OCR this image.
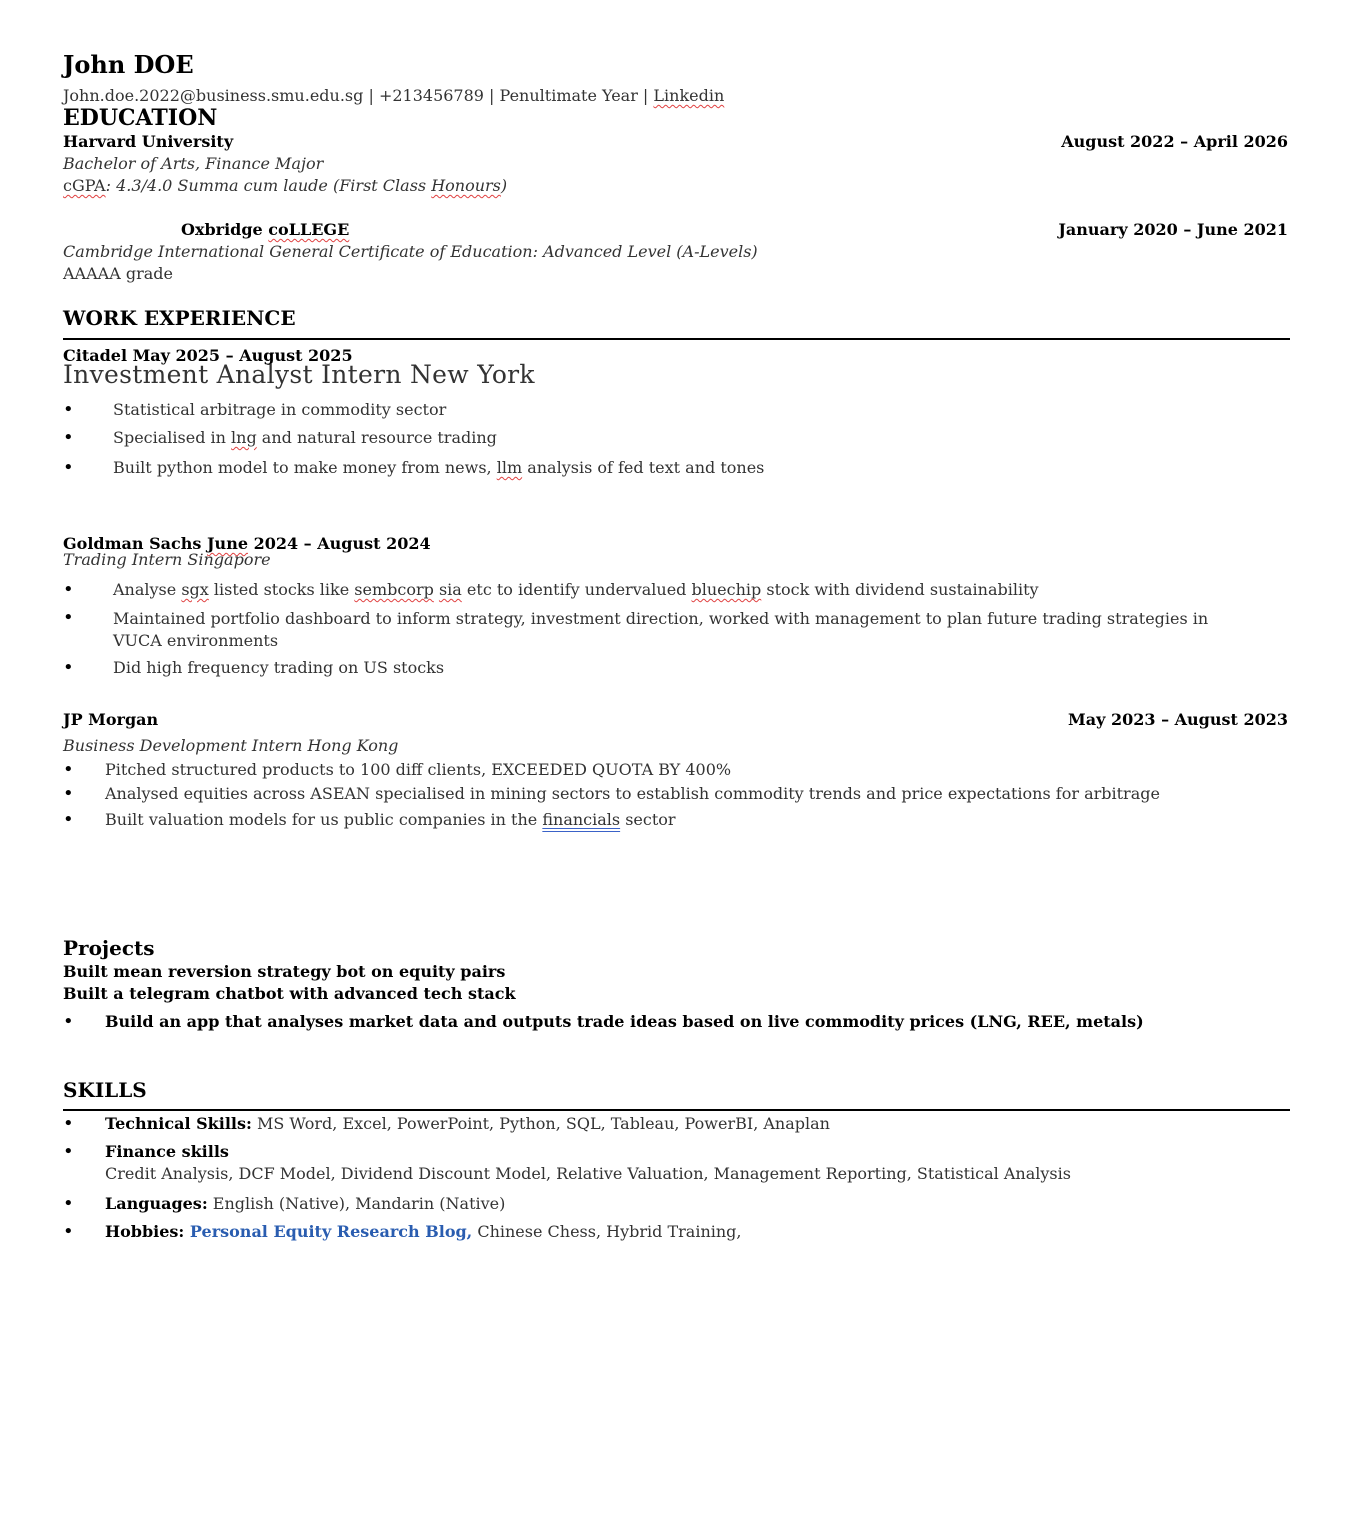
John DOE
John.doe.2022@business.smu.edu.sg | +213456789 | Penultimate Year | Linkedin
EDUCATION
Harvard University	August 2022 – April 2026
Bachelor of Arts, Finance Major
cGPA: 4.3/4.0 Summa cum laude (First Class Honours)
Oxbridge coLLEGE	January 2020 – June 2021
Cambridge International General Certificate of Education: Advanced Level (A-Levels)
AAAAA grade
WORK EXPERIENCE
Citadel May 2025 – August 2025
Investment Analyst Intern New York
• Statistical arbitrage in commodity sector
• Specialised in lng and natural resource trading
• Built python model to make money from news, llm analysis of fed text and tones
Goldman Sachs June 2024 – August 2024
Trading Intern Singapore
• Analyse sgx listed stocks like sembcorp sia etc to identify undervalued bluechip stock with dividend sustainability
• Maintained portfolio dashboard to inform strategy, investment direction, worked with management to plan future trading strategies in VUCA environments
• Did high frequency trading on US stocks
JP Morgan	May 2023 – August 2023
Business Development Intern Hong Kong
• Pitched structured products to 100 diff clients, EXCEEDED QUOTA BY 400%
• Analysed equities across ASEAN specialised in mining sectors to establish commodity trends and price expectations for arbitrage
• Built valuation models for us public companies in the financials sector
Projects
Built mean reversion strategy bot on equity pairs
Built a telegram chatbot with advanced tech stack
• Build an app that analyses market data and outputs trade ideas based on live commodity prices (LNG, REE, metals)
SKILLS
• Technical Skills: MS Word, Excel, PowerPoint, Python, SQL, Tableau, PowerBI, Anaplan
• Finance skills
Credit Analysis, DCF Model, Dividend Discount Model, Relative Valuation, Management Reporting, Statistical Analysis
• Languages: English (Native), Mandarin (Native)
• Hobbies: Personal Equity Research Blog, Chinese Chess, Hybrid Training,
